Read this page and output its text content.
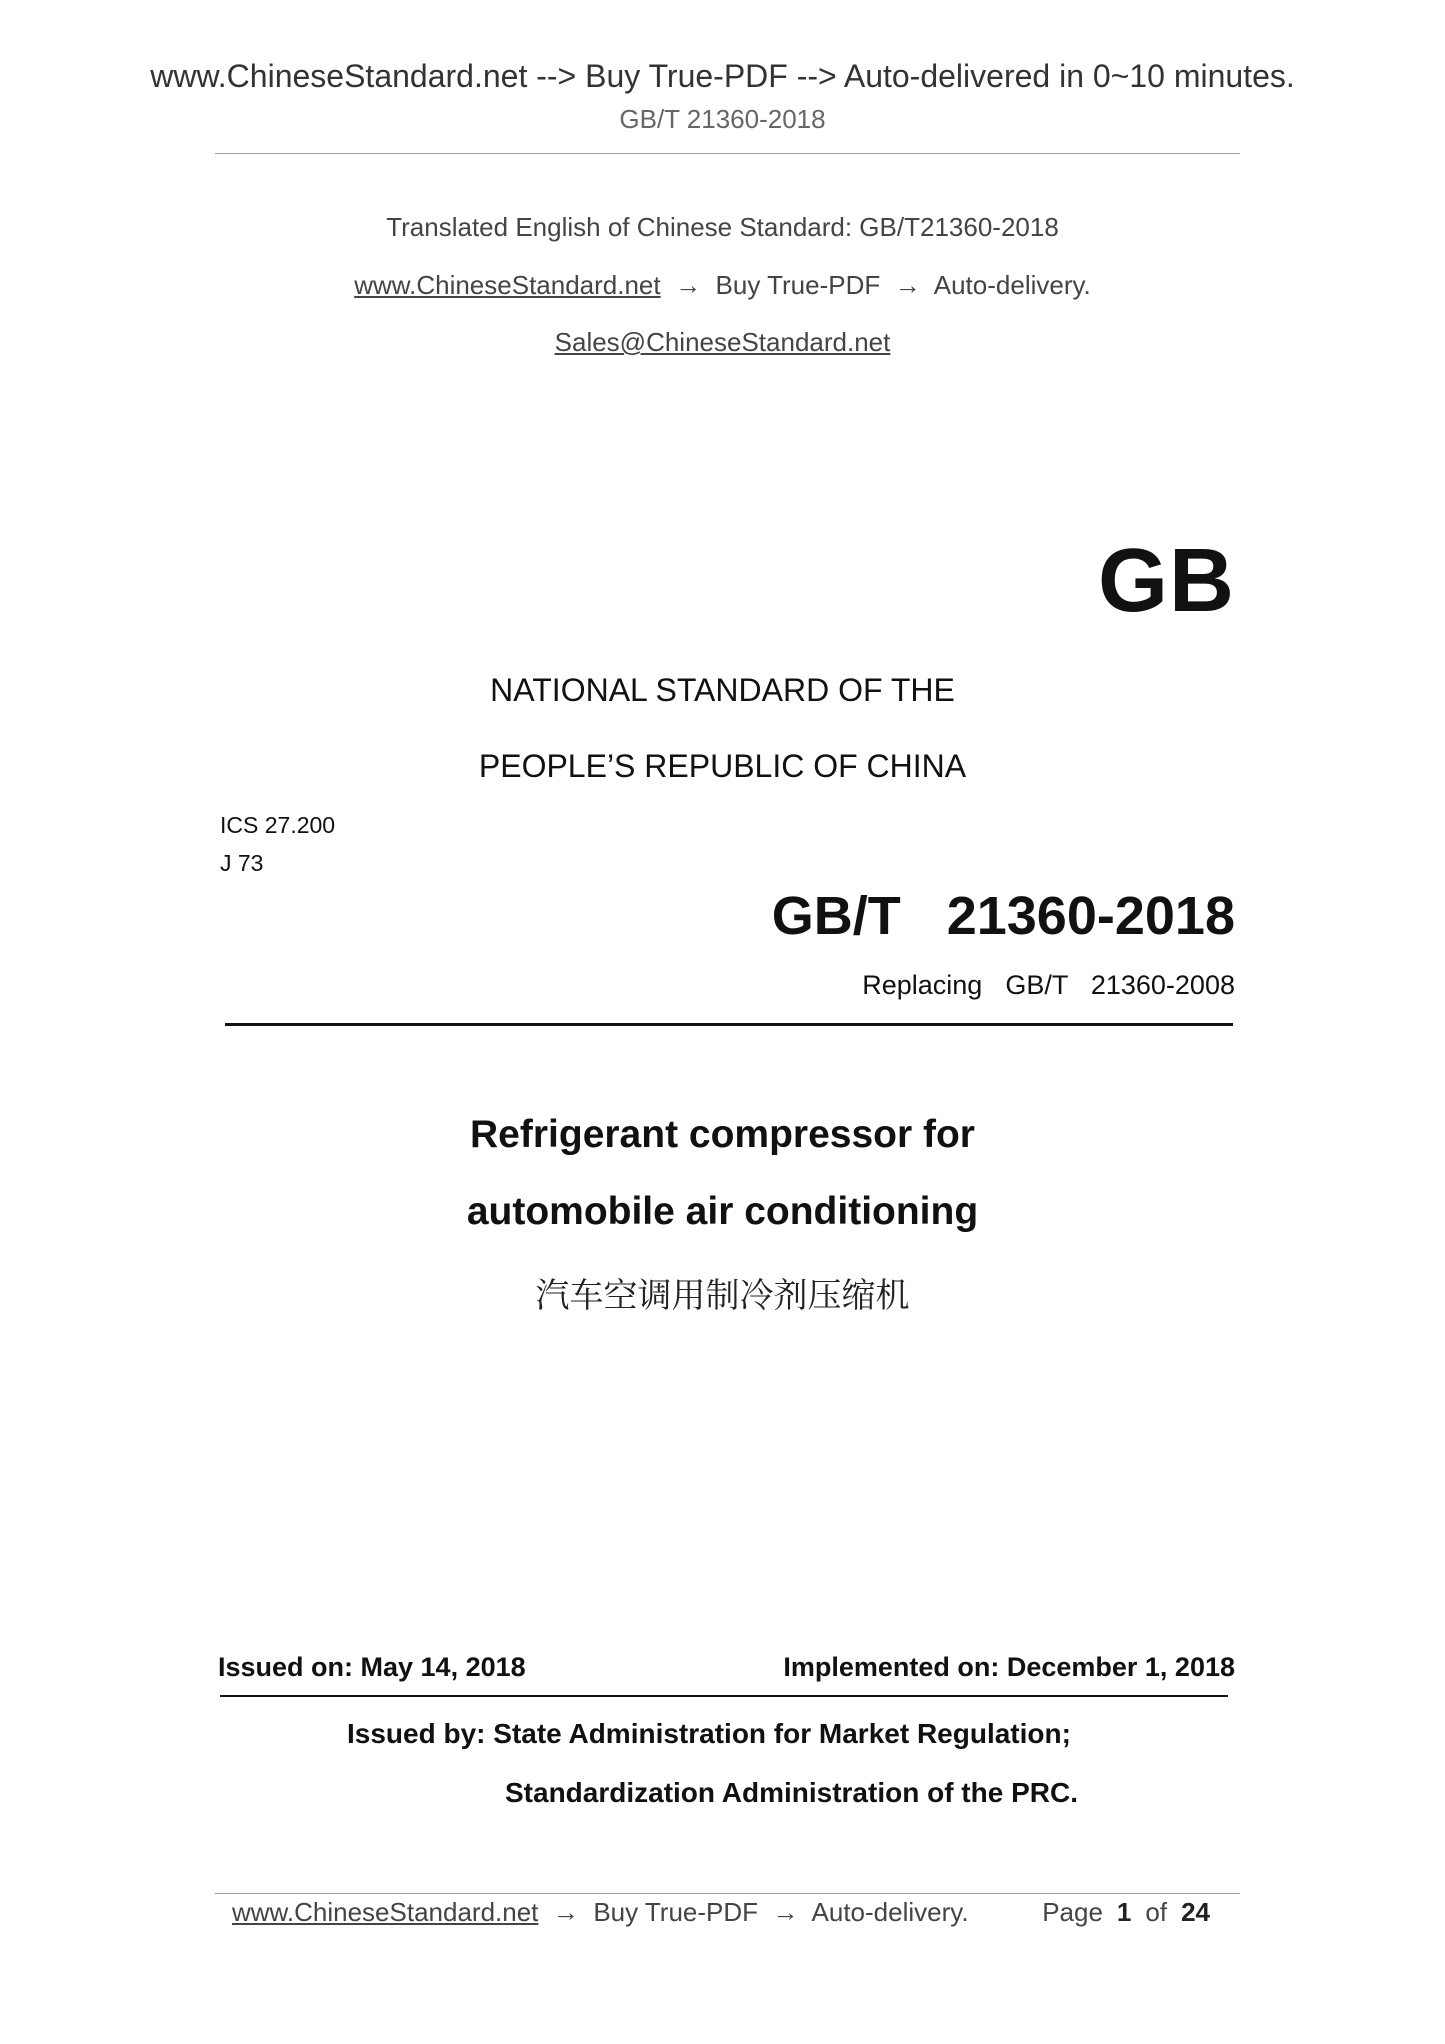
www.ChineseStandard.net --> Buy True-PDF --> Auto-delivered in 0~10 minutes.
GB/T 21360-2018
Translated English of Chinese Standard: GB/T21360-2018
www.ChineseStandard.net  →  Buy True-PDF  →  Auto-delivery.
Sales@ChineseStandard.net
GB
NATIONAL STANDARD OF THE
PEOPLE’S REPUBLIC OF CHINA
ICS 27.200
J 73
GB/T  21360-2018
Replacing  GB/T  21360-2008
Refrigerant compressor for
automobile air conditioning
汽车空调用制冷剂压缩机
Issued on: May 14, 2018	Implemented on: December 1, 2018
Issued by: State Administration for Market Regulation;
Standardization Administration of the PRC.
www.ChineseStandard.net  →  Buy True-PDF  →  Auto-delivery.	Page 1 of 24
